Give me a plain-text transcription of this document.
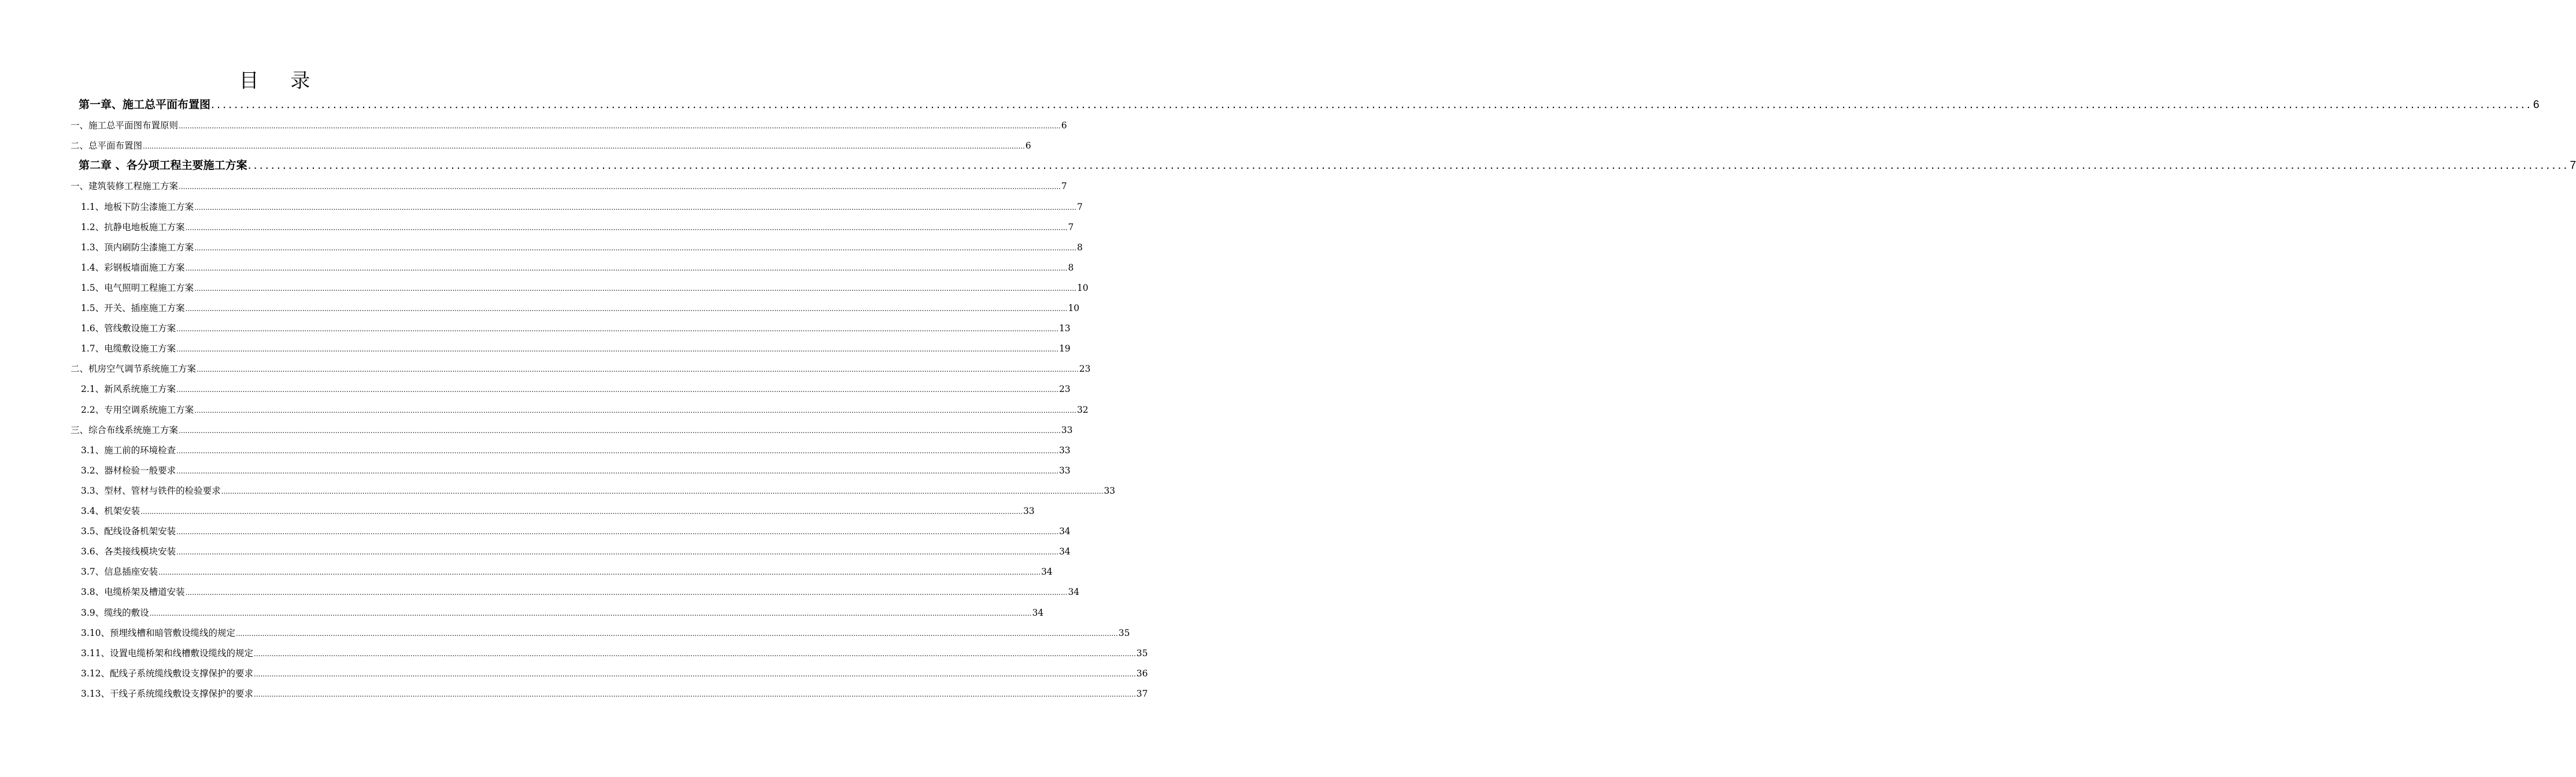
目 录
第一章、施工总平面布置图 ................................................................................................................................................................................................................................................................................................................................................................................................................ 6
一、施工总平面图布置原则 ................................................................................................................................................................................................................................................................................................................................................................................................................ 6
二、总平面布置图 ................................................................................................................................................................................................................................................................................................................................................................................................................ 6
第二章 、各分项工程主要施工方案 ................................................................................................................................................................................................................................................................................................................................................................................................................ 7
一、建筑装修工程施工方案 ................................................................................................................................................................................................................................................................................................................................................................................................................ 7
1.1、地板下防尘漆施工方案 ................................................................................................................................................................................................................................................................................................................................................................................................................ 7
1.2、抗静电地板施工方案 ................................................................................................................................................................................................................................................................................................................................................................................................................ 7
1.3、顶内刷防尘漆施工方案 ................................................................................................................................................................................................................................................................................................................................................................................................................ 8
1.4、彩钢板墙面施工方案 ................................................................................................................................................................................................................................................................................................................................................................................................................ 8
1.5、电气照明工程施工方案 ................................................................................................................................................................................................................................................................................................................................................................................................................ 10
1.5、开关、插座施工方案 ................................................................................................................................................................................................................................................................................................................................................................................................................ 10
1.6、管线敷设施工方案 ................................................................................................................................................................................................................................................................................................................................................................................................................ 13
1.7、电缆敷设施工方案 ................................................................................................................................................................................................................................................................................................................................................................................................................ 19
二、机房空气调节系统施工方案 ................................................................................................................................................................................................................................................................................................................................................................................................................ 23
2.1、新风系统施工方案 ................................................................................................................................................................................................................................................................................................................................................................................................................ 23
2.2、专用空调系统施工方案 ................................................................................................................................................................................................................................................................................................................................................................................................................ 32
三、综合布线系统施工方案 ................................................................................................................................................................................................................................................................................................................................................................................................................ 33
3.1、施工前的环境检查 ................................................................................................................................................................................................................................................................................................................................................................................................................ 33
3.2、器材检验一般要求 ................................................................................................................................................................................................................................................................................................................................................................................................................ 33
3.3、型材、管材与铁件的检验要求 ................................................................................................................................................................................................................................................................................................................................................................................................................ 33
3.4、机架安装 ................................................................................................................................................................................................................................................................................................................................................................................................................ 33
3.5、配线设备机架安装 ................................................................................................................................................................................................................................................................................................................................................................................................................ 34
3.6、各类接线模块安装 ................................................................................................................................................................................................................................................................................................................................................................................................................ 34
3.7、信息插座安装 ................................................................................................................................................................................................................................................................................................................................................................................................................ 34
3.8、电缆桥架及槽道安装 ................................................................................................................................................................................................................................................................................................................................................................................................................ 34
3.9、缆线的敷设 ................................................................................................................................................................................................................................................................................................................................................................................................................ 34
3.10、预埋线槽和暗管敷设缆线的规定 ................................................................................................................................................................................................................................................................................................................................................................................................................ 35
3.11、设置电缆桥架和线槽敷设缆线的规定 ................................................................................................................................................................................................................................................................................................................................................................................................................ 35
3.12、配线子系统缆线敷设支撑保护的要求 ................................................................................................................................................................................................................................................................................................................................................................................................................ 36
3.13、干线子系统缆线敷设支撑保护的要求 ................................................................................................................................................................................................................................................................................................................................................................................................................ 37
